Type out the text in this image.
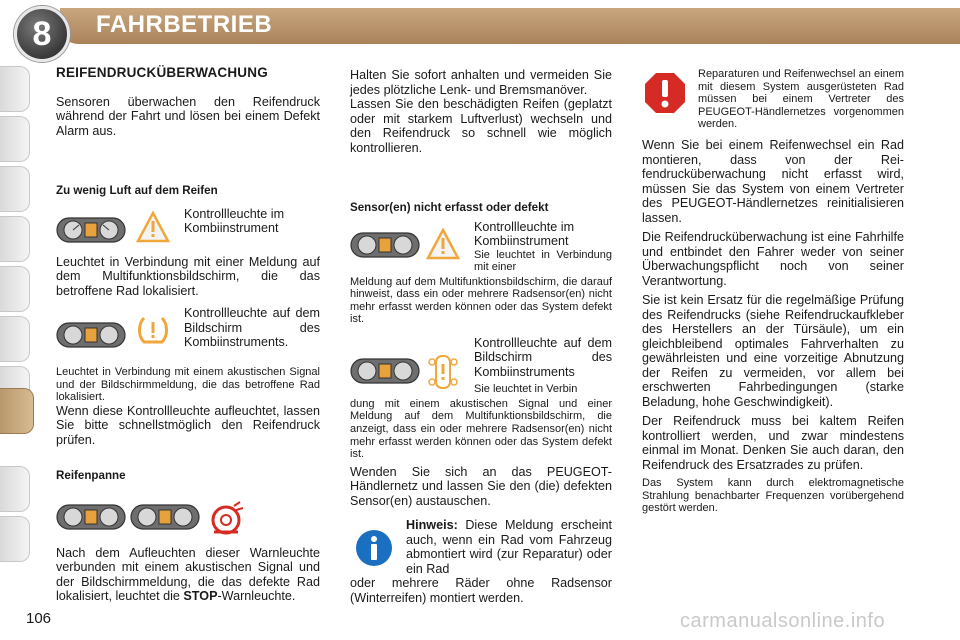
8	FAHRBETRIEB
REIFENDRUCKÜBERWACHUNG

Sensoren überwachen den Reifendruck während der Fahrt und lösen bei einem Defekt Alarm aus.

Zu wenig Luft auf dem Reifen
Kontrollleuchte im Kombiinstrument

Leuchtet in Verbindung mit einer Meldung auf dem Multifunktionsbildschirm, die das betroffene Rad lokalisiert.

Kontrollleuchte auf dem Bildschirm des Kombiinstruments.

Leuchtet in Verbindung mit einem akustischen Signal und der Bildschirmmeldung, die das betroffene Rad lokalisiert.

Wenn diese Kontrollleuchte aufleuchtet, lassen Sie bitte schnellstmöglich den Reifendruck prüfen.

Reifenpanne

Nach dem Aufleuchten dieser Warnleuchte verbunden mit einem akustischen Signal und der Bildschirmmeldung, die das defekte Rad lokalisiert, leuchtet die STOP-Warnleuchte.

Halten Sie sofort anhalten und vermeiden Sie jedes plötzliche Lenk- und Bremsmanöver.

Lassen Sie den beschädigten Reifen (geplatzt oder mit starkem Luftverlust) wechseln und den Reifendruck so schnell wie möglich kontrollieren.

Sensor(en) nicht erfasst oder defekt
Kontrollleuchte im Kombiinstrument
Sie leuchtet in Verbindung mit einer

Meldung auf dem Multifunktionsbildschirm, die darauf hinweist, dass ein oder mehrere Radsensor(en) nicht mehr erfasst werden können oder das System defekt ist.

Kontrollleuchte auf dem Bildschirm des Kombiinstruments
Sie leuchtet in Verbin

dung mit einem akustischen Signal und einer Meldung auf dem Multifunktionsbildschirm, die anzeigt, dass ein oder mehrere Radsensor(en) nicht mehr erfasst werden können oder das System defekt ist.

Wenden Sie sich an das PEUGEOT-Händlernetz und lassen Sie den (die) defekten Sensor(en) austauschen.

Hinweis: Diese Meldung erscheint auch, wenn ein Rad vom Fahrzeug abmontiert wird (zur Reparatur) oder ein Rad

oder mehrere Räder ohne Radsensor (Winterreifen) montiert werden.

Reparaturen und Reifenwechsel an einem mit diesem System ausgerüsteten Rad müssen bei einem Vertreter des PEUGEOT-Händlernetzes vorgenommen werden.

Wenn Sie bei einem Reifenwechsel ein Rad montieren, dass von der Reifendrucküberwachung nicht erfasst wird, müssen Sie das System von einem Vertreter des PEUGEOT-Händlernetzes reinitialisieren lassen.

Die Reifendrucküberwachung ist eine Fahrhilfe und entbindet den Fahrer weder von seiner Überwachungspflicht noch von seiner Verantwortung.

Sie ist kein Ersatz für die regelmäßige Prüfung des Reifendrucks (siehe Reifendruckaufkleber des Herstellers an der Türsäule), um ein gleichbleibend optimales Fahrverhalten zu gewährleisten und eine vorzeitige Abnutzung der Reifen zu vermeiden, vor allem bei erschwerten Fahrbedingungen (starke Beladung, hohe Geschwindigkeit).

Der Reifendruck muss bei kaltem Reifen kontrolliert werden, und zwar mindestens einmal im Monat. Denken Sie auch daran, den Reifendruck des Ersatzrades zu prüfen.

Das System kann durch elektromagnetische Strahlung benachbarter Frequenzen vorübergehend gestört werden.

106	carmanualsonline.info
